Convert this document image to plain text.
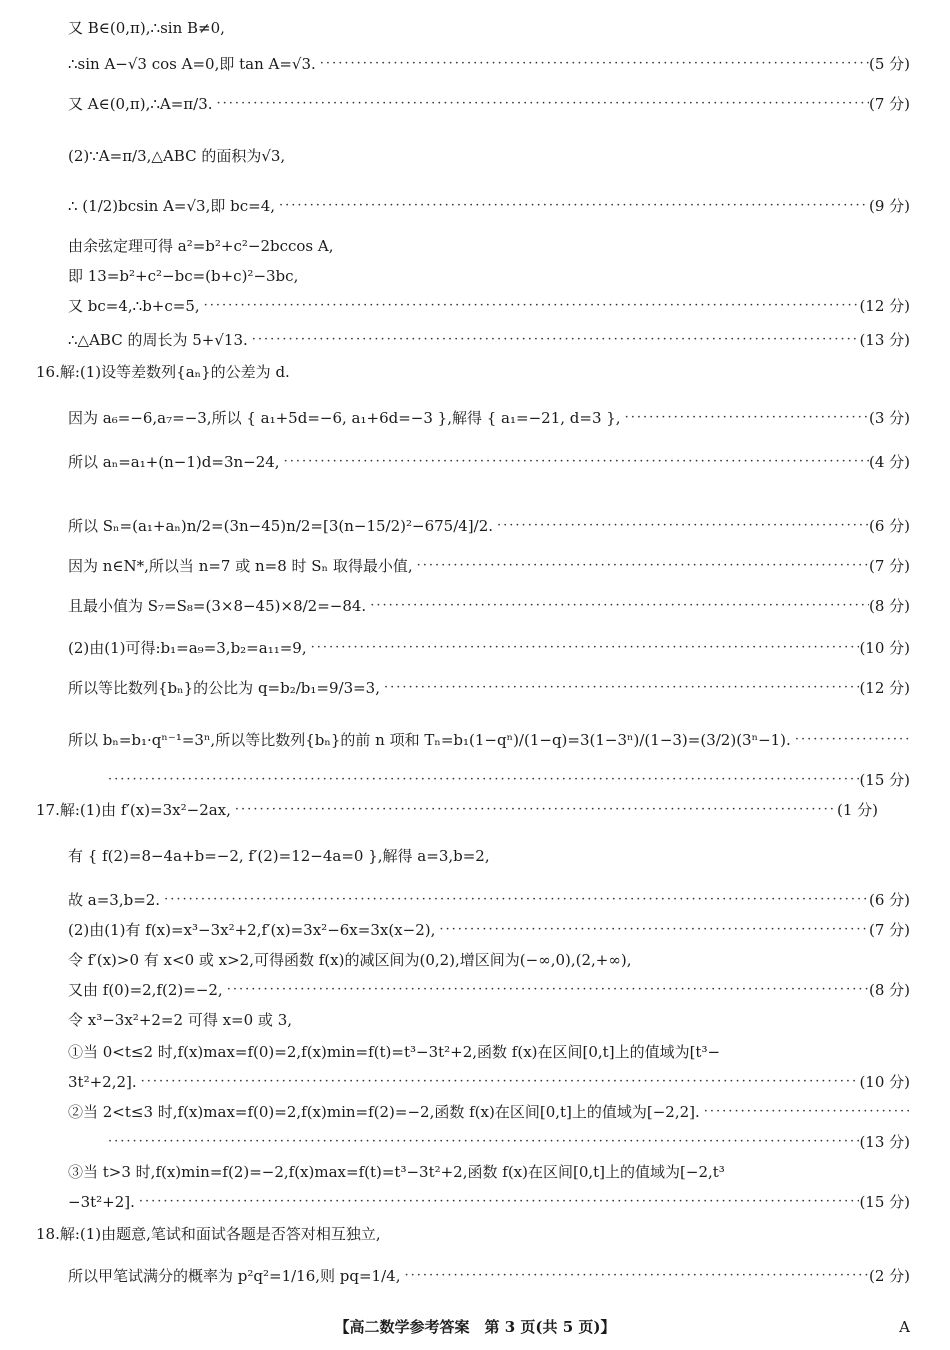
又 B∈(0,π),∴sin B≠0,
∴sin A−√3 cos A=0,即 tan A=√3. ·····	(5 分)
又 A∈(0,π),∴A=π/3. ·····	(7 分)
(2)∵A=π/3,△ABC 的面积为√3,
∴ (1/2)bcsin A=√3,即 bc=4, ·····	(9 分)
由余弦定理可得 a²=b²+c²−2bccos A,
即 13=b²+c²−bc=(b+c)²−3bc,
又 bc=4,∴b+c=5, ·····	(12 分)
∴△ABC 的周长为 5+√13. ·····	(13 分)
16.解:(1)设等差数列{aₙ}的公差为 d.
因为 a₆=−6,a₇=−3,所以 { a₁+5d=−6, a₁+6d=−3 },解得 { a₁=−21, d=3 }, ·····	(3 分)
所以 aₙ=a₁+(n−1)d=3n−24, ·····	(4 分)
所以 Sₙ=(a₁+aₙ)n/2=(3n−45)n/2=[3(n−15/2)²−675/4]/2. ·····	(6 分)
因为 n∈N*,所以当 n=7 或 n=8 时 Sₙ 取得最小值, ·····	(7 分)
且最小值为 S₇=S₈=(3×8−45)×8/2=−84. ·····	(8 分)
(2)由(1)可得:b₁=a₉=3,b₂=a₁₁=9, ·····	(10 分)
所以等比数列{bₙ}的公比为 q=b₂/b₁=9/3=3, ·····	(12 分)
所以 bₙ=b₁·qⁿ⁻¹=3ⁿ,所以等比数列{bₙ}的前 n 项和 Tₙ=b₁(1−qⁿ)/(1−q)=3(1−3ⁿ)/(1−3)=(3/2)(3ⁿ−1).
·····
·····
(15 分)
17.解:(1)由 f′(x)=3x²−2ax, ·····	(1 分)
有 { f(2)=8−4a+b=−2, f′(2)=12−4a=0 },解得 a=3,b=2,
故 a=3,b=2. ·····	(6 分)
(2)由(1)有 f(x)=x³−3x²+2,f′(x)=3x²−6x=3x(x−2), ·····	(7 分)
令 f′(x)>0 有 x<0 或 x>2,可得函数 f(x)的减区间为(0,2),增区间为(−∞,0),(2,+∞),
又由 f(0)=2,f(2)=−2, ·····	(8 分)
令 x³−3x²+2=2 可得 x=0 或 3,
①当 0<t≤2 时,f(x)max=f(0)=2,f(x)min=f(t)=t³−3t²+2,函数 f(x)在区间[0,t]上的值域为[t³−
3t²+2,2]. ·····	(10 分)
②当 2<t≤3 时,f(x)max=f(0)=2,f(x)min=f(2)=−2,函数 f(x)在区间[0,t]上的值域为[−2,2].
·····
·····
(13 分)
③当 t>3 时,f(x)min=f(2)=−2,f(x)max=f(t)=t³−3t²+2,函数 f(x)在区间[0,t]上的值域为[−2,t³
−3t²+2]. ·····	(15 分)
18.解:(1)由题意,笔试和面试各题是否答对相互独立,
所以甲笔试满分的概率为 p²q²=1/16,则 pq=1/4, ·····	(2 分)
【高二数学参考答案　第 3 页(共 5 页)】	A
